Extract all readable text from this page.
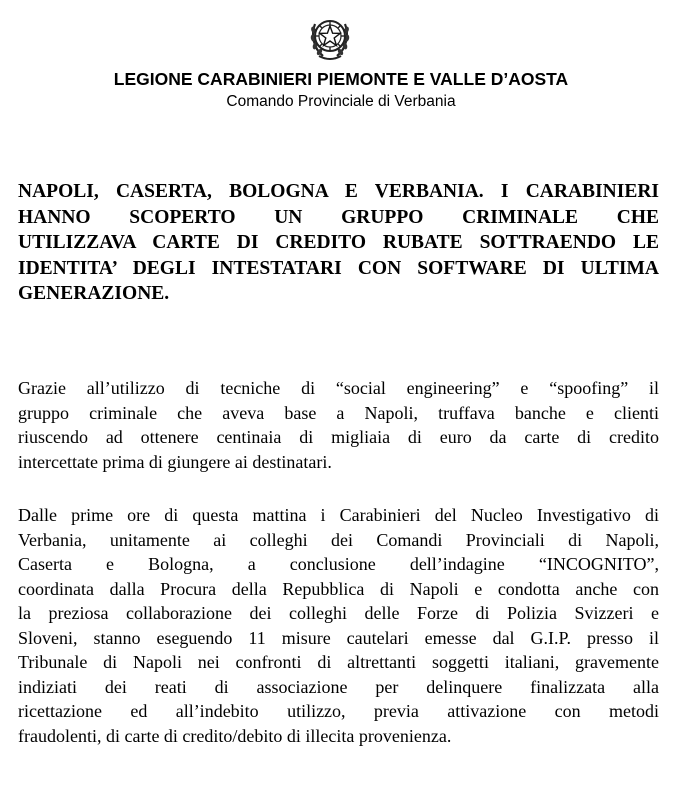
LEGIONE CARABINIERI PIEMONTE E VALLE D’AOSTA
Comando Provinciale di Verbania
NAPOLI, CASERTA, BOLOGNA E VERBANIA. I CARABINIERI
HANNO SCOPERTO UN GRUPPO CRIMINALE CHE
UTILIZZAVA CARTE DI CREDITO RUBATE SOTTRAENDO LE
IDENTITA’ DEGLI INTESTATARI CON SOFTWARE DI ULTIMA
GENERAZIONE.
Grazie all’utilizzo di tecniche di “social engineering” e “spoofing” il
gruppo criminale che aveva base a Napoli, truffava banche e clienti
riuscendo ad ottenere centinaia di migliaia di euro da carte di credito
intercettate prima di giungere ai destinatari.
Dalle prime ore di questa mattina i Carabinieri del Nucleo Investigativo di
Verbania, unitamente ai colleghi dei Comandi Provinciali di Napoli,
Caserta e Bologna, a conclusione dell’indagine “INCOGNITO”,
coordinata dalla Procura della Repubblica di Napoli e condotta anche con
la preziosa collaborazione dei colleghi delle Forze di Polizia Svizzeri e
Sloveni, stanno eseguendo 11 misure cautelari emesse dal G.I.P. presso il
Tribunale di Napoli nei confronti di altrettanti soggetti italiani, gravemente
indiziati dei reati di associazione per delinquere finalizzata alla
ricettazione ed all’indebito utilizzo, previa attivazione con metodi
fraudolenti, di carte di credito/debito di illecita provenienza.
